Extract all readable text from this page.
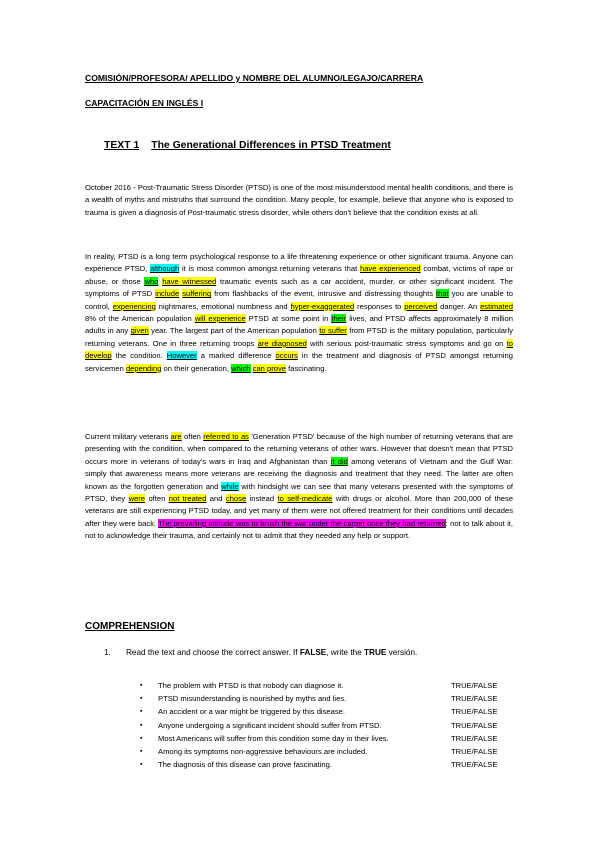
COMISIÓN/PROFESORA/ APELLIDO y NOMBRE DEL ALUMNO/LEGAJO/CARRERA
CAPACITACIÓN EN INGLÉS I
TEXT 1 The Generational Differences in PTSD Treatment
October 2016 - Post-Traumatic Stress Disorder (PTSD) is one of the most misunderstood mental health conditions, and there is a wealth of myths and mistruths that surround the condition. Many people, for example, believe that anyone who is exposed to trauma is given a diagnosis of Post-traumatic stress disorder, while others don't believe that the condition exists at all.
In reality, PTSD is a long term psychological response to a life threatening experience or other significant trauma. Anyone can experience PTSD, although it is most common amongst returning veterans that have experienced combat, victims of rape or abuse, or those who have witnessed traumatic events such as a car accident, murder, or other significant incident. The symptoms of PTSD include suffering from flashbacks of the event, intrusive and distressing thoughts that you are unable to control, experiencing nightmares, emotional numbness and hyper-exaggerated responses to perceived danger. An estimated 8% of the American population will experience PTSD at some point in their lives, and PTSD affects approximately 8 million adults in any given year. The largest part of the American population to suffer from PTSD is the military population, particularly returning veterans. One in three returning troops are diagnosed with serious post-traumatic stress symptoms and go on to develop the condition. However a marked difference occurs in the treatment and diagnosis of PTSD amongst returning servicemen depending on their generation, which can prove fascinating.
Current military veterans are often referred to as 'Generation PTSD' because of the high number of returning veterans that are presenting with the condition, when compared to the returning veterans of other wars. However that doesn't mean that PTSD occurs more in veterans of today's wars in Iraq and Afghanistan than it did among veterans of Vietnam and the Gulf War: simply that awareness means more veterans are receiving the diagnosis and treatment that they need. The latter are often known as the forgotten generation and while with hindsight we can see that many veterans presented with the symptoms of PTSD, they were often not treated and chose instead to self-medicate with drugs or alcohol. More than 200,000 of these veterans are still experiencing PTSD today, and yet many of them were not offered treatment for their conditions until decades after they were back. The prevailing attitude was to brush the war under the carpet once they had returned: not to talk about it, not to acknowledge their trauma, and certainly not to admit that they needed any help or support.
COMPREHENSION
1. Read the text and choose the correct answer. If FALSE, write the TRUE versión.
▪ The problem with PTSD is that nobody can diagnose it.	TRUE/FALSE
▪ PTSD misunderstanding is nourished by myths and lies.	TRUE/FALSE
▪ An accident or a war might be triggered by this disease.	TRUE/FALSE
▪ Anyone undergoing a significant incident should suffer from PTSD.	TRUE/FALSE
▪ Most Americans will suffer from this condition some day in their lives.	TRUE/FALSE
▪ Among its symptoms non-aggressive behaviours are included.	TRUE/FALSE
▪ The diagnosis of this disease can prove fascinating.	TRUE/FALSE
